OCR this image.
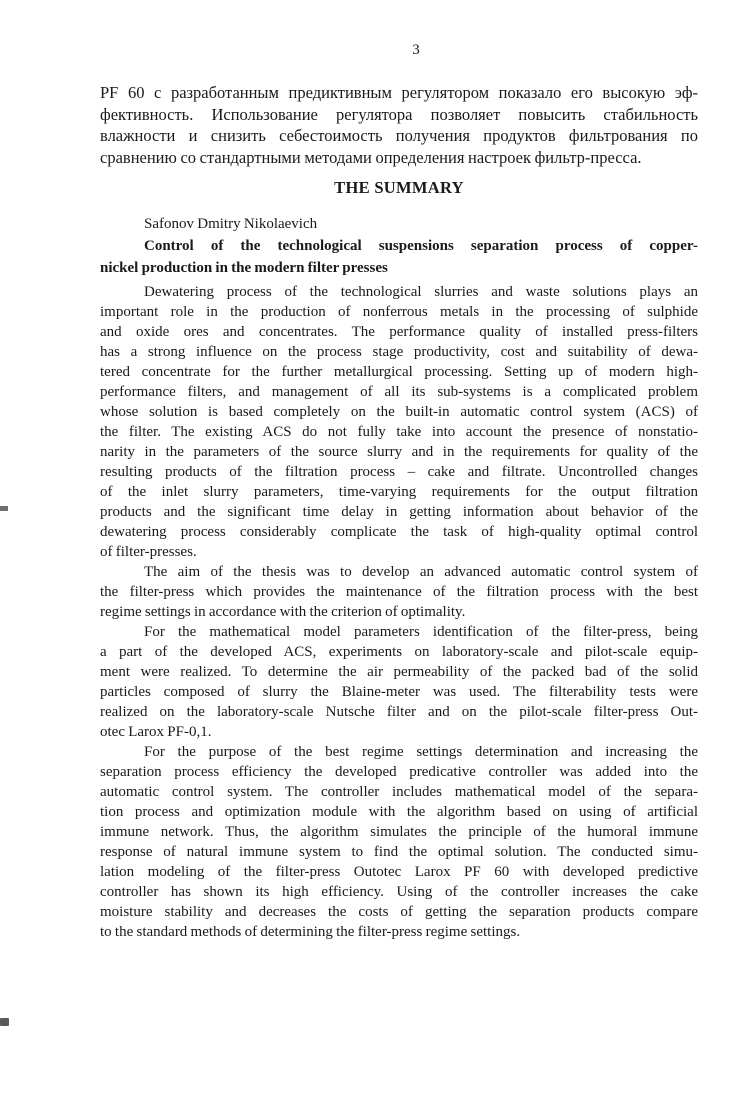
3
PF 60 с разработанным предиктивным регулятором показало его высокую эф-
фективность. Использование регулятора позволяет повысить стабильность
влажности и снизить себестоимость получения продуктов фильтрования по
сравнению со стандартными методами определения настроек фильтр-пресса.
THE SUMMARY
Safonov Dmitry Nikolaevich
Control of the technological suspensions separation process of copper-
nickel production in the modern filter presses
Dewatering process of the technological slurries and waste solutions plays an
important role in the production of nonferrous metals in the processing of sulphide
and oxide ores and concentrates. The performance quality of installed press-filters
has a strong influence on the process stage productivity, cost and suitability of dewa-
tered concentrate for the further metallurgical processing. Setting up of modern high-
performance filters, and management of all its sub-systems is a complicated problem
whose solution is based completely on the built-in automatic control system (ACS) of
the filter. The existing ACS do not fully take into account the presence of nonstatio-
narity in the parameters of the source slurry and in the requirements for quality of the
resulting products of the filtration process – cake and filtrate. Uncontrolled changes
of the inlet slurry parameters, time-varying requirements for the output filtration
products and the significant time delay in getting information about behavior of the
dewatering process considerably complicate the task of high-quality optimal control
of filter-presses.
The aim of the thesis was to develop an advanced automatic control system of
the filter-press which provides the maintenance of the filtration process with the best
regime settings in accordance with the criterion of optimality.
For the mathematical model parameters identification of the filter-press, being
a part of the developed ACS, experiments on laboratory-scale and pilot-scale equip-
ment were realized. To determine the air permeability of the packed bad of the solid
particles composed of slurry the Blaine-meter was used. The filterability tests were
realized on the laboratory-scale Nutsche filter and on the pilot-scale filter-press Out-
otec Larox PF-0,1.
For the purpose of the best regime settings determination and increasing the
separation process efficiency the developed predicative controller was added into the
automatic control system. The controller includes mathematical model of the separa-
tion process and optimization module with the algorithm based on using of artificial
immune network. Thus, the algorithm simulates the principle of the humoral immune
response of natural immune system to find the optimal solution. The conducted simu-
lation modeling of the filter-press Outotec Larox PF 60 with developed predictive
controller has shown its high efficiency. Using of the controller increases the cake
moisture stability and decreases the costs of getting the separation products compare
to the standard methods of determining the filter-press regime settings.
